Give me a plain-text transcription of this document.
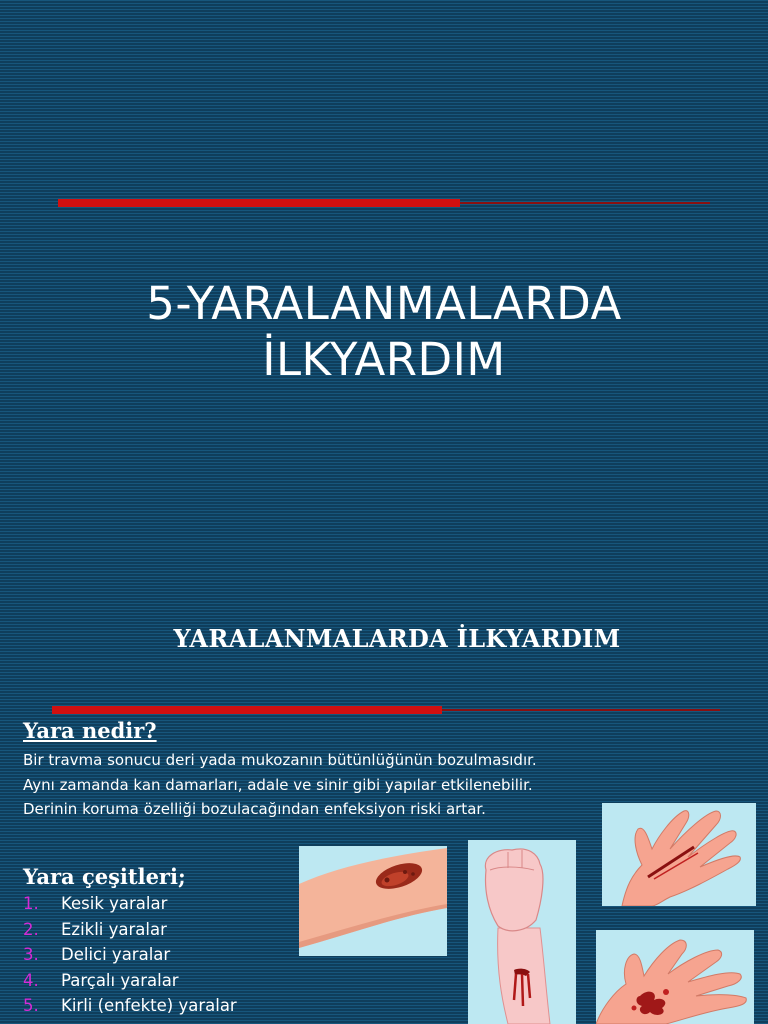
5-YARALANMALARDA
İLKYARDIM
YARALANMALARDA İLKYARDIM
Yara nedir?
Bir travma sonucu deri yada mukozanın bütünlüğünün bozulmasıdır.
Aynı zamanda kan damarları, adale ve sinir gibi yapılar etkilenebilir.
Derinin koruma özelliği bozulacağından enfeksiyon riski artar.
Yara çeşitleri;
1.	Kesik yaralar
2.	Ezikli yaralar
3.	Delici yaralar
4.	Parçalı yaralar
5.	Kirli (enfekte) yaralar
